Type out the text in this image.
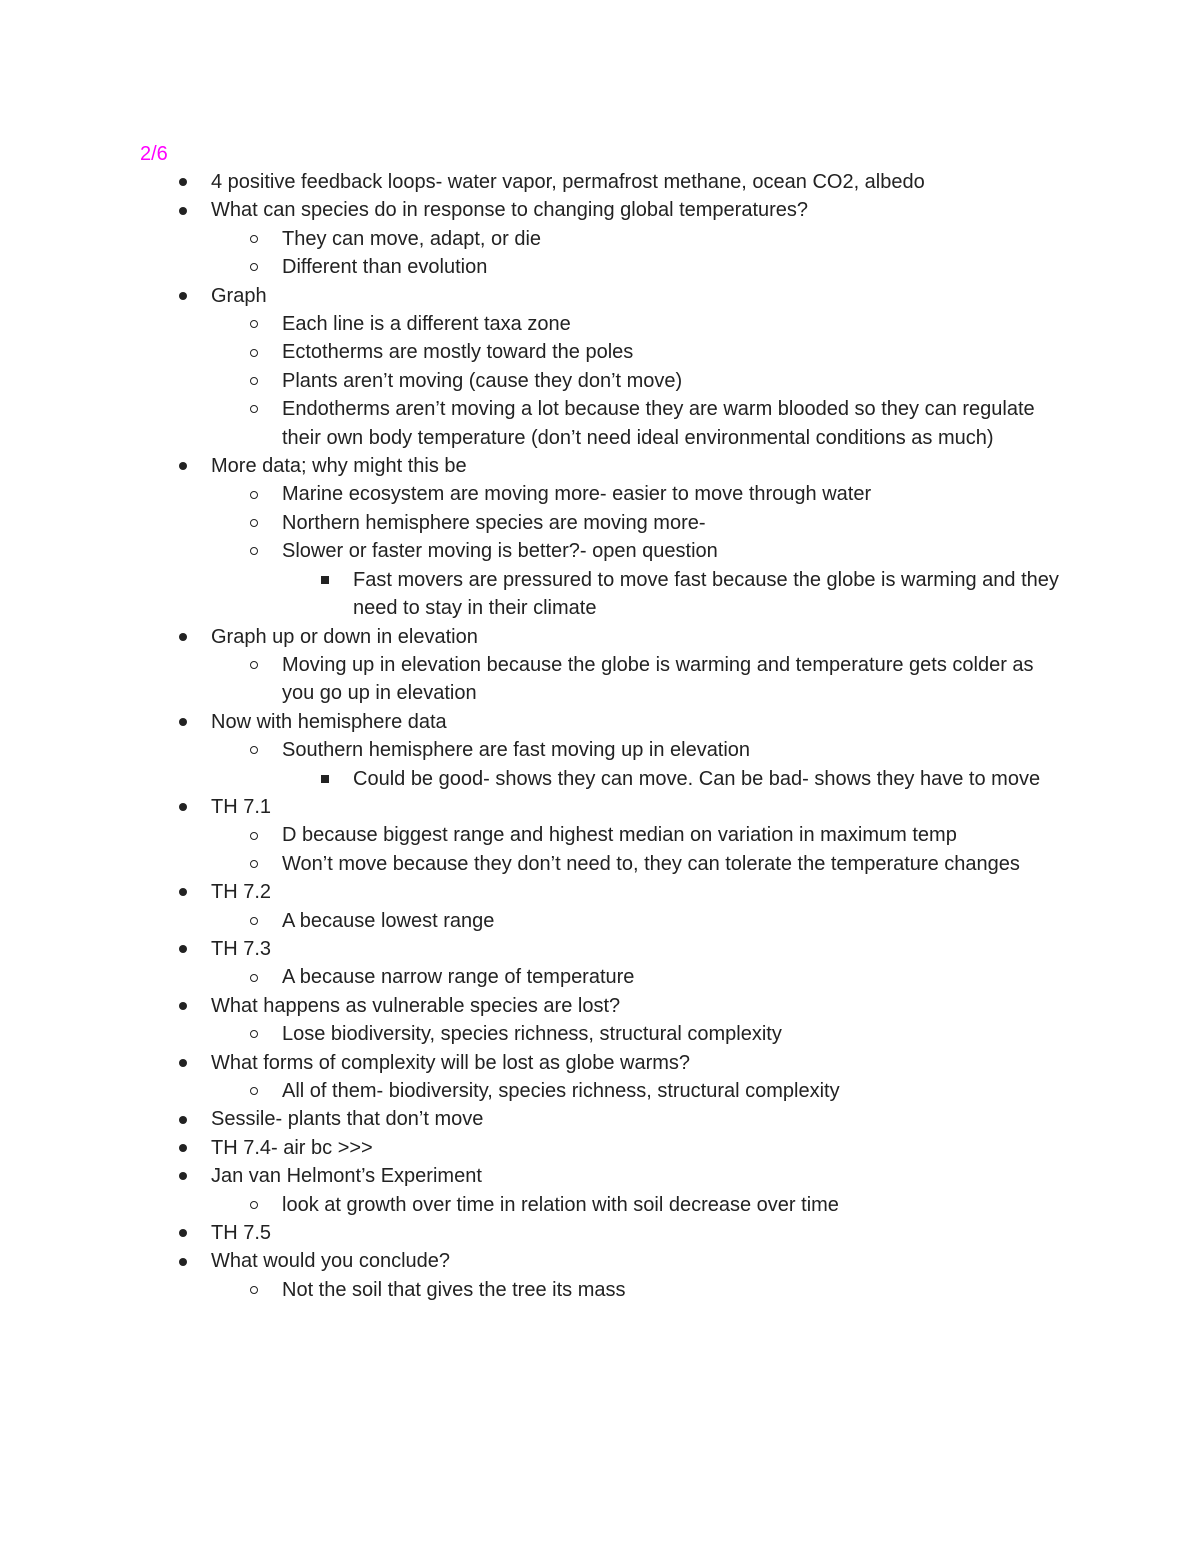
2/6
4 positive feedback loops- water vapor, permafrost methane, ocean CO2, albedo
What can species do in response to changing global temperatures?
They can move, adapt, or die
Different than evolution
Graph
Each line is a different taxa zone
Ectotherms are mostly toward the poles
Plants aren’t moving (cause they don’t move)
Endotherms aren’t moving a lot because they are warm blooded so they can regulate their own body temperature (don’t need ideal environmental conditions as much)
More data; why might this be
Marine ecosystem are moving more- easier to move through water
Northern hemisphere species are moving more-
Slower or faster moving is better?- open question
Fast movers are pressured to move fast because the globe is warming and they need to stay in their climate
Graph up or down in elevation
Moving up in elevation because the globe is warming and temperature gets colder as you go up in elevation
Now with hemisphere data
Southern hemisphere are fast moving up in elevation
Could be good- shows they can move. Can be bad- shows they have to move
TH 7.1
D because biggest range and highest median on variation in maximum temp
Won’t move because they don’t need to, they can tolerate the temperature changes
TH 7.2
A because lowest range
TH 7.3
A because narrow range of temperature
What happens as vulnerable species are lost?
Lose biodiversity, species richness, structural complexity
What forms of complexity will be lost as globe warms?
All of them- biodiversity, species richness, structural complexity
Sessile- plants that don’t move
TH 7.4- air bc >>>
Jan van Helmont’s Experiment
look at growth over time in relation with soil decrease over time
TH 7.5
What would you conclude?
Not the soil that gives the tree its mass
